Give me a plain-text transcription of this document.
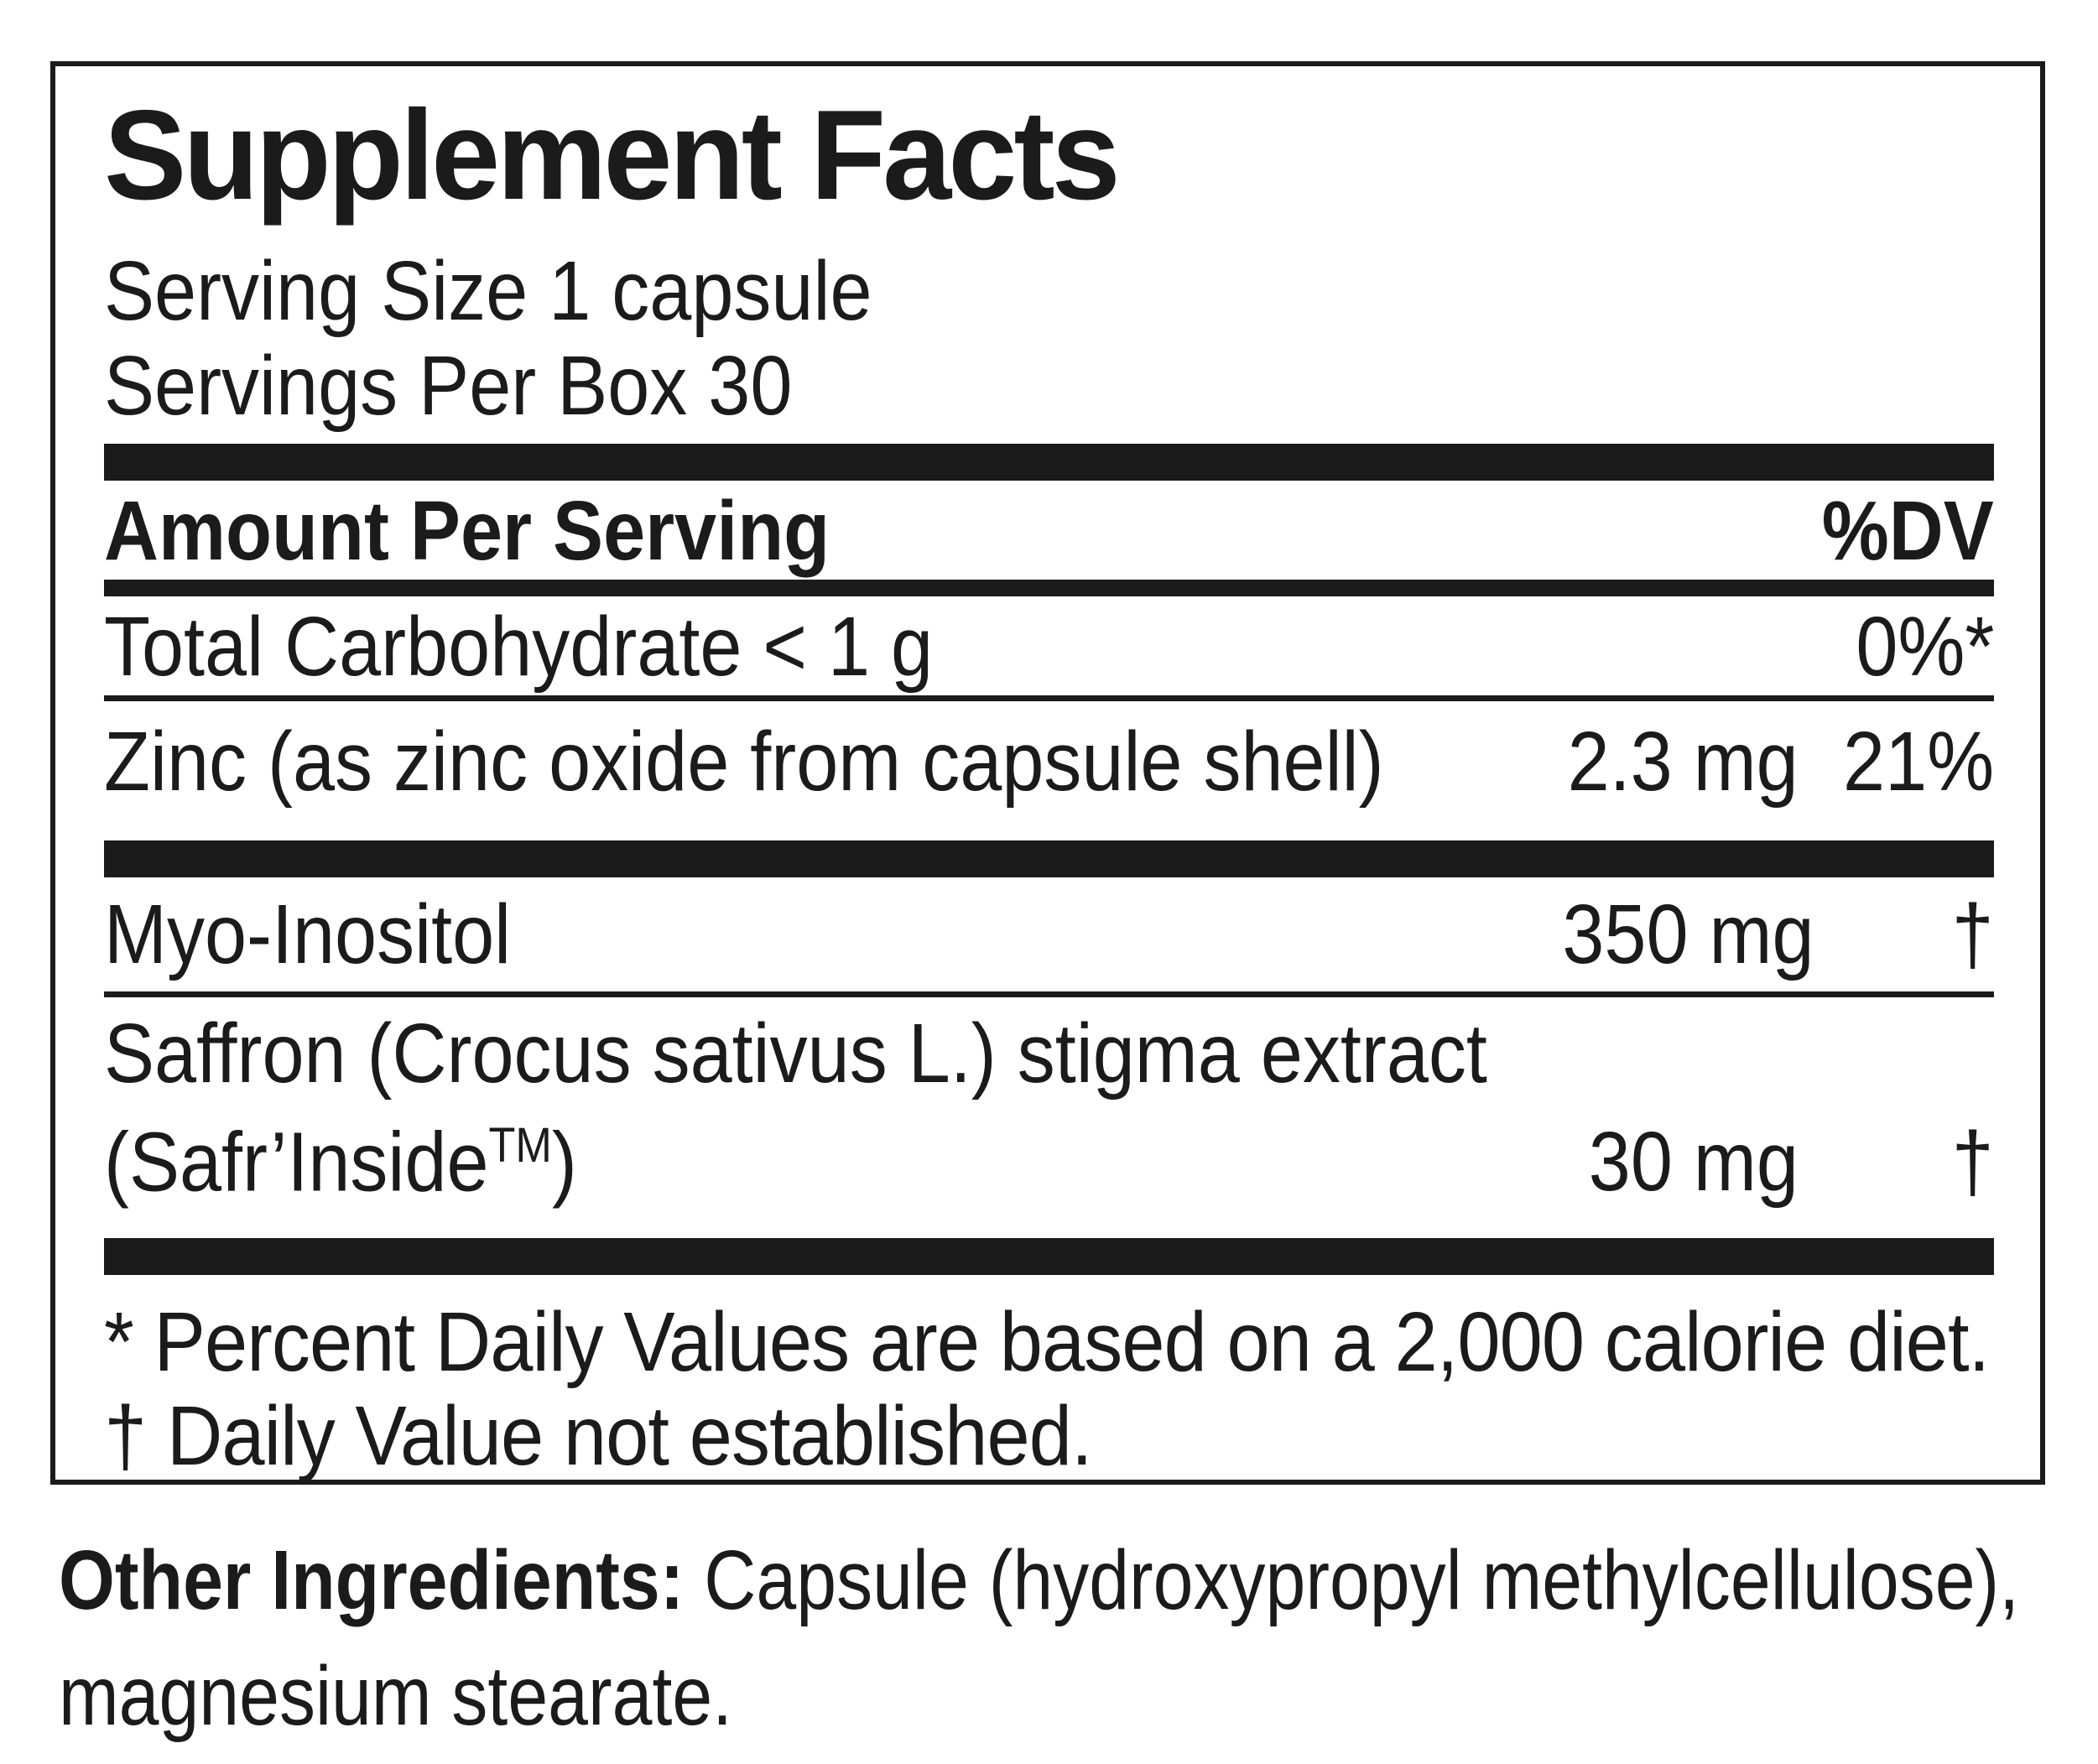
Supplement Facts

Serving Size 1 capsule

Servings Per Box 30

Amount Per Serving	%DV
Total Carbohydrate < 1 g	0%*
Zinc (as zinc oxide from capsule shell)	2.3 mg 21%
Myo-Inositol	350 mg	†
Saffron (Crocus sativus L.) stigma extract
(Safr’Inside™)	30 mg	†

* Percent Daily Values are based on a 2,000 calorie diet.

† Daily Value not established.

Other Ingredients: Capsule (hydroxypropyl methylcellulose),

magnesium stearate.
